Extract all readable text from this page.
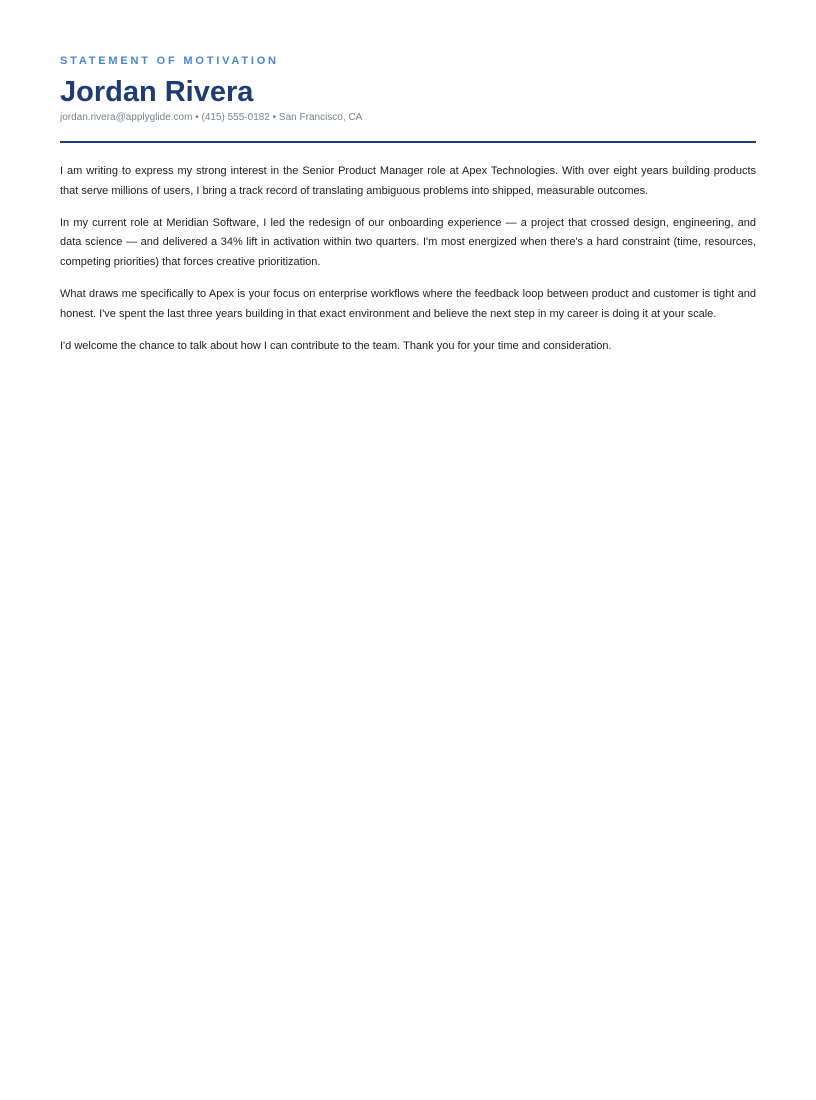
STATEMENT OF MOTIVATION
Jordan Rivera
jordan.rivera@applyglide.com • (415) 555-0182 • San Francisco, CA

I am writing to express my strong interest in the Senior Product Manager role at Apex Technologies. With over eight years building products that serve millions of users, I bring a track record of translating ambiguous problems into shipped, measurable outcomes.

In my current role at Meridian Software, I led the redesign of our onboarding experience — a project that crossed design, engineering, and data science — and delivered a 34% lift in activation within two quarters. I'm most energized when there's a hard constraint (time, resources, competing priorities) that forces creative prioritization.

What draws me specifically to Apex is your focus on enterprise workflows where the feedback loop between product and customer is tight and honest. I've spent the last three years building in that exact environment and believe the next step in my career is doing it at your scale.

I'd welcome the chance to talk about how I can contribute to the team. Thank you for your time and consideration.
